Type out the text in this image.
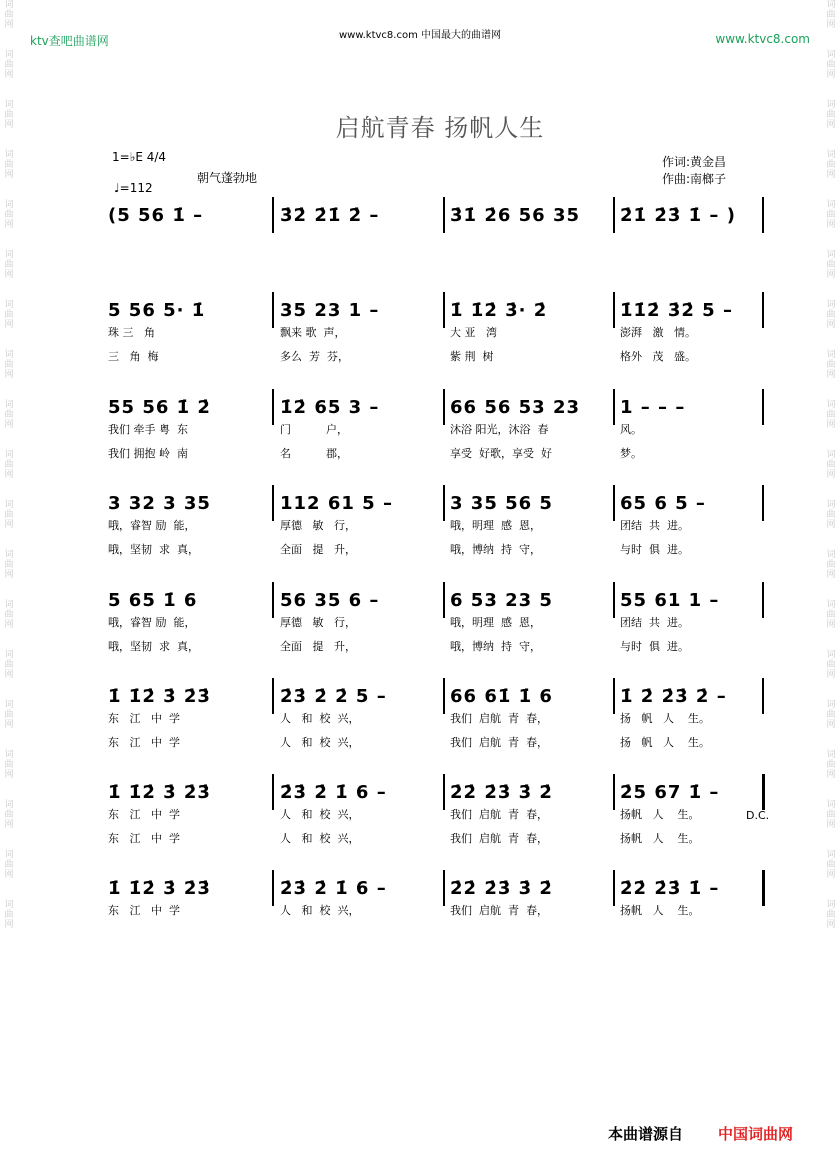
词
曲
网

词
曲
网

词
曲
网

词
曲
网

词
曲
网

词
曲
网

词
曲
网

词
曲
网

词
曲
网

词
曲
网

词
曲
网

词
曲
网

词
曲
网

词
曲
网

词
曲
网

词
曲
网

词
曲
网

词
曲
网

词
曲
网

词
曲
网

词
曲
网

词
曲
网

词
曲
网

词
曲
网

词
曲
网

词
曲
网

词
曲
网

词
曲
网

词
曲
网

词
曲
网

词
曲
网

词
曲
网

词
曲
网

词
曲
网

词
曲
网

词
曲
网

词
曲
网

词
曲
网

ktv查吧曲谱网	www.ktvc8.com 中国最大的曲谱网	www.ktvc8.com
启航青春 扬帆人生
1=♭E 4/4
♩=112
朝气蓬勃地
作词:黄金昌
作曲:南榔子
(5 56 1̇ –	3̇2̇ 2̇1̇ 2̇ –	3̇1̇ 2̇6 56 35 2̇1̇ 2̇3̇ 1̇ – )
5 56 5· 1̇
珠 三   角
三   角  梅
35 23 1 –
飘来 歌  声，
多么  芳  芬，
1̇ 1̇2̇ 3̇· 2̇
大 亚   湾
紫 荆  树
1̇1̇2̇ 3̇2̇ 5 –
澎湃   激   情。
格外   茂   盛。
55 56 1̇ 2̇
我们 牵手 粤  东
我们 拥抱 岭  南
1̇2̇ 65 3 –
门          户，
名          郡，
66 56 53 23
沐浴 阳光，沐浴  春
享受  好歌，享受  好
1 – – –
风。
梦。
3 32 3 35
哦，睿智 励  能，
哦，坚韧  求  真，
112 61 5 –
厚德   敏   行，
全面   提   升，
3 35 56 5
哦，明理  感  恩，
哦，博纳  持  守，
65 6 5 –
团结  共  进。
与时  俱  进。
5 65 1̇ 6
哦，睿智 励  能，
哦，坚韧  求  真，
56 35 6 –
厚德   敏   行，
全面   提   升，
6 53 23 5
哦，明理  感  恩，
哦，博纳  持  守，
55 61 1 –
团结  共  进。
与时  俱  进。
1̇ 1̇2̇ 3̇ 2̇3̇
东   江   中  学
东   江   中  学
2̇3̇ 2̇ 2̇ 5 –
人   和  校  兴，
人   和  校  兴，
66 61̇ 1̇ 6
我们  启航  青  春，
我们  启航  青  春，
1̇ 2̇ 2̇3̇ 2̇ –
扬   帆   人    生。
扬   帆   人    生。
1̇ 1̇2̇ 3̇ 2̇3̇
东   江   中  学
东   江   中  学
2̇3̇ 2̇ 1̇ 6 –
人   和  校  兴，
人   和  校  兴，
2̇2̇ 2̇3̇ 3̇ 2̇
我们  启航  青  春，
我们  启航  青  春，
2̇5 67 1̇ –
扬帆   人    生。
扬帆   人    生。
D.C.
1̇ 1̇2̇ 3̇ 2̇3̇
东   江   中  学
2̇3̇ 2̇ 1̇ 6 –
人   和  校  兴，
2̇2̇ 2̇3̇ 3̇ 2̇
我们  启航  青  春，
2̇2̇ 2̇3̇ 1̇ –
扬帆   人    生。
本曲谱源自 中国词曲网
